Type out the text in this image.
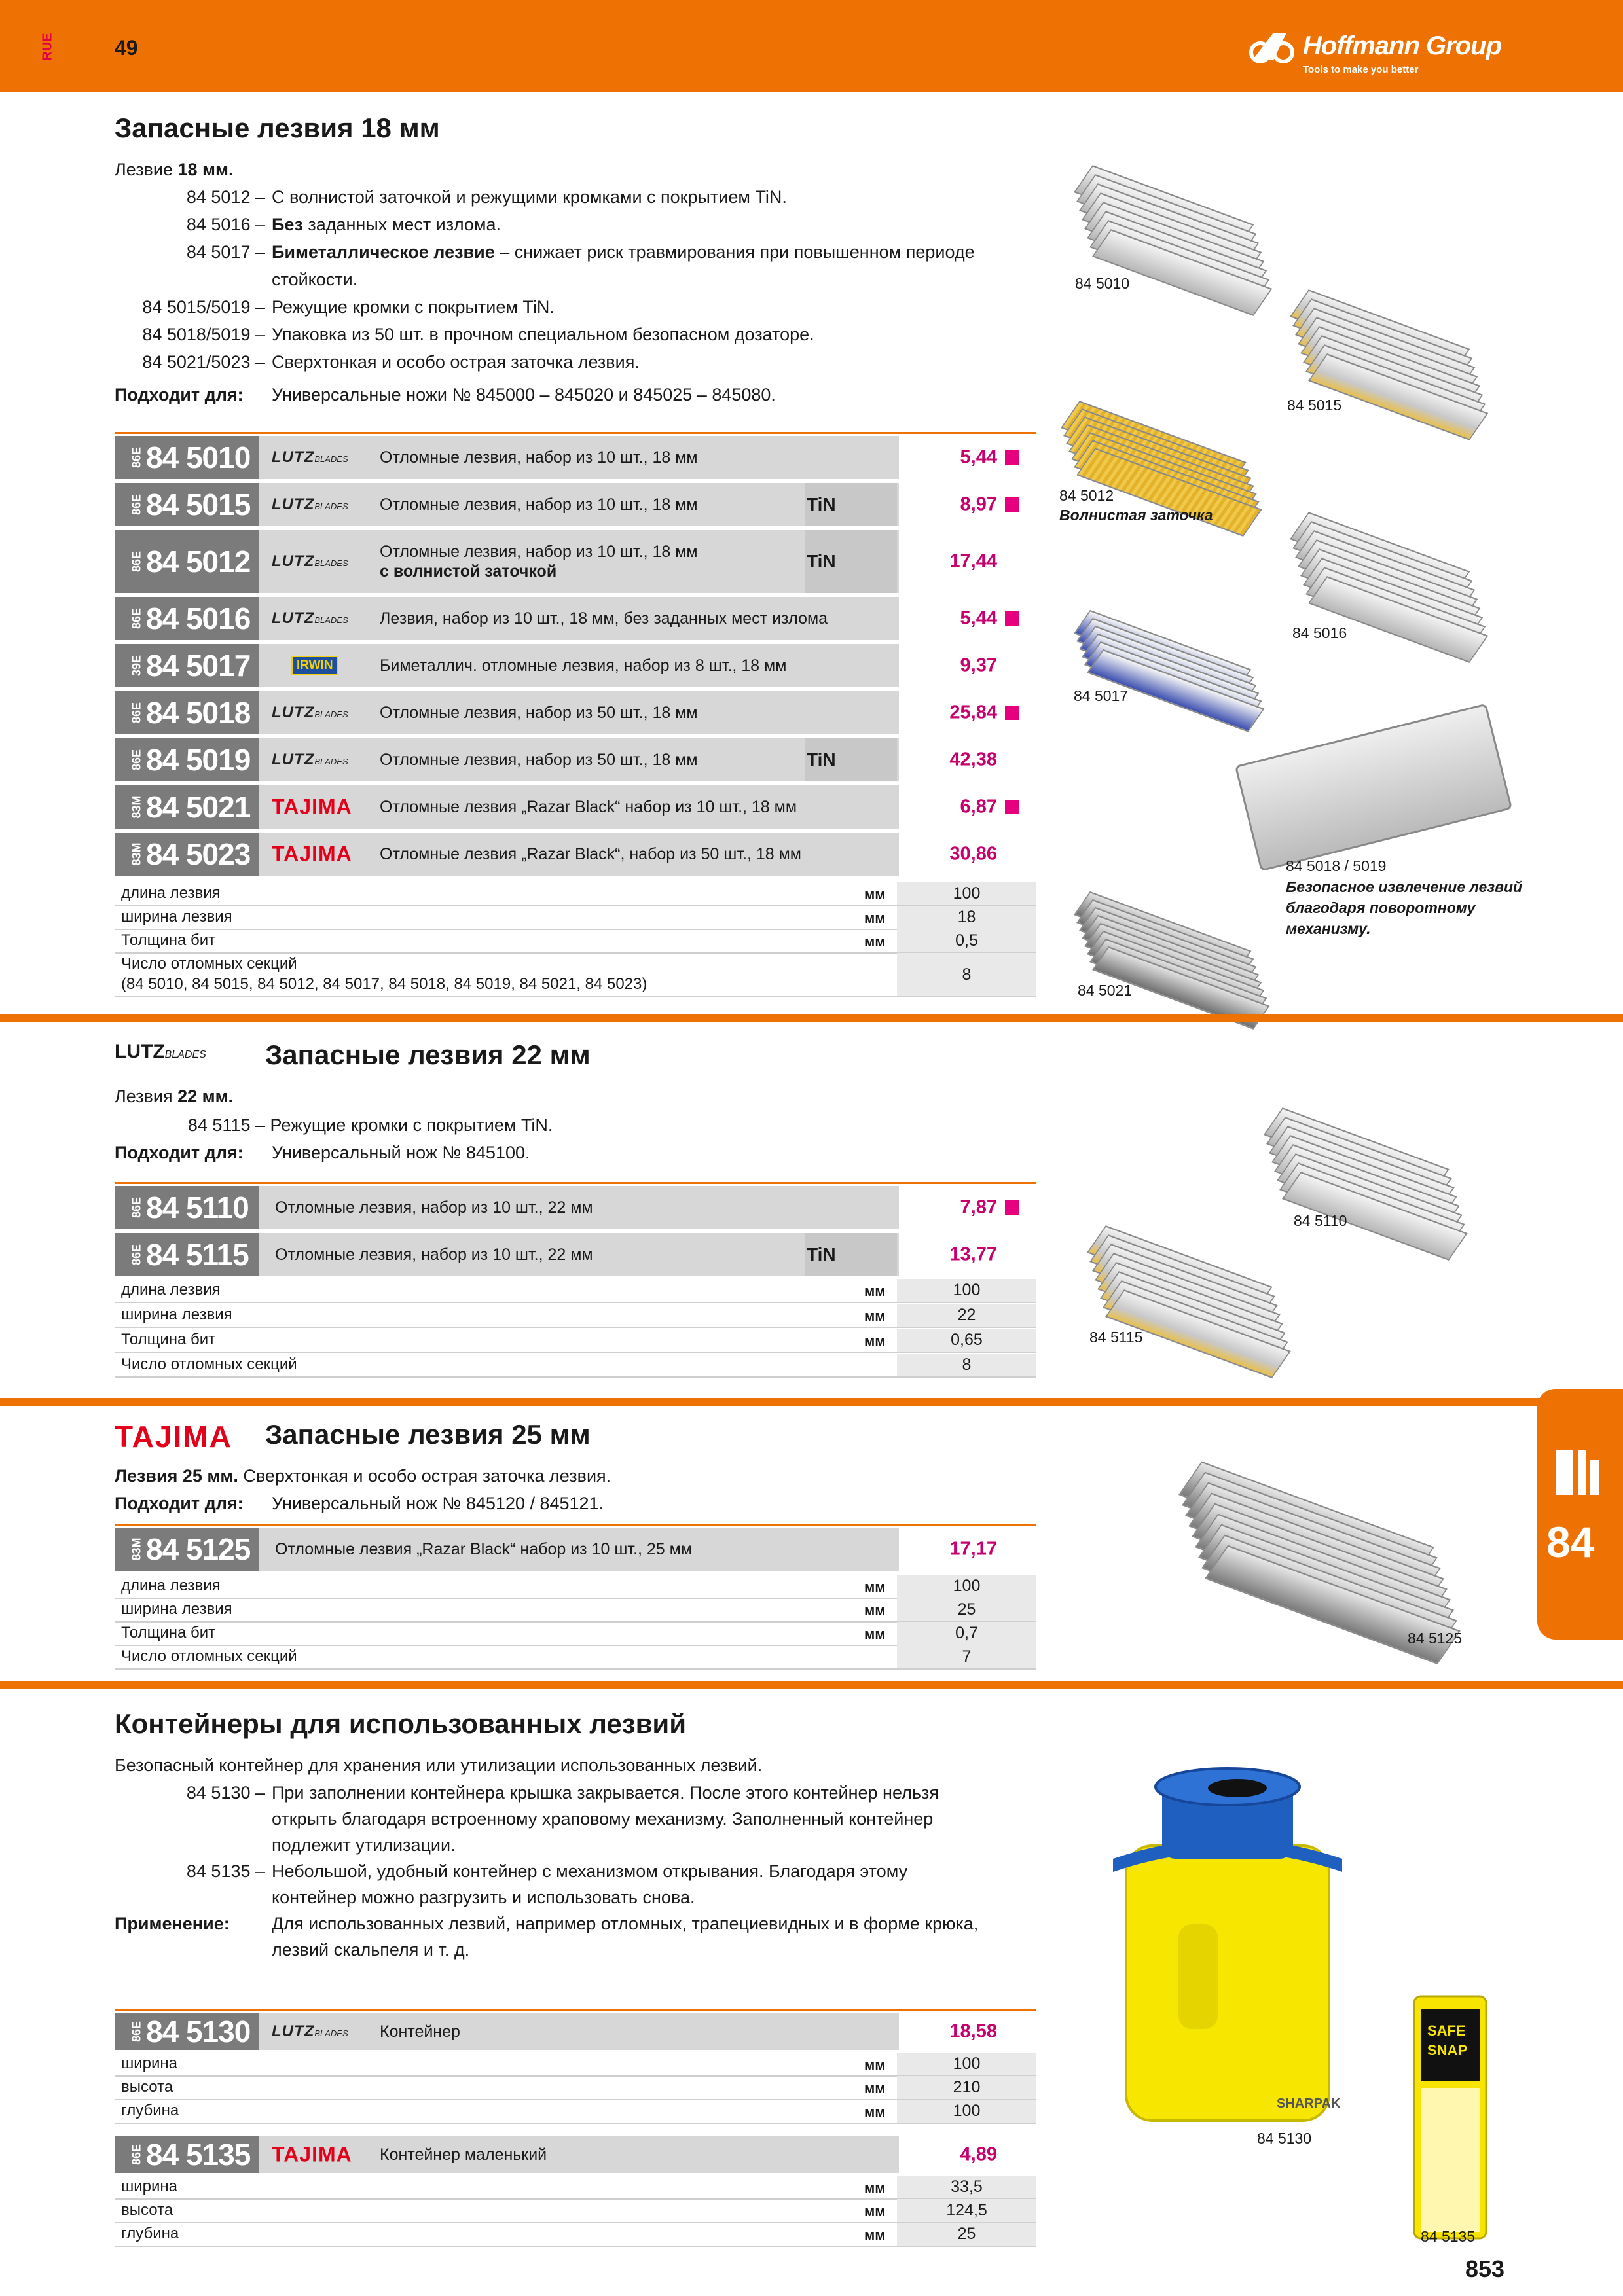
RUE	49	Hoffmann Group
Tools to make you better
Запасные лезвия 18 мм
Лезвие 18 мм.
84 5012 – С волнистой заточкой и режущими кромками с покрытием TiN.
84 5016 – Без заданных мест излома.
84 5017 – Биметаллическое лезвие – снижает риск травмирования при повышенном периоде
стойкости.
84 5015/5019 – Режущие кромки с покрытием TiN.
84 5018/5019 – Упаковка из 50 шт. в прочном специальном безопасном дозаторе.
84 5021/5023 – Сверхтонкая и особо острая заточка лезвия.
Подходит для: Универсальные ножи № 845000 – 845020 и 845025 – 845080.
86E 84 5010 LUTZBLADES Отломные лезвия, набор из 10 шт., 18 мм	5,44
86E 84 5015 LUTZBLADES Отломные лезвия, набор из 10 шт., 18 мм	TiN	8,97
86E 84 5012 LUTZBLADES
Отломные лезвия, набор из 10 шт., 18 мм
с волнистой заточкой	TiN	17,44
86E 84 5016 LUTZBLADES Лезвия, набор из 10 шт., 18 мм, без заданных мест излома	5,44
39E 84 5017	IRWIN	Биметаллич. отломные лезвия, набор из 8 шт., 18 мм	9,37
86E 84 5018 LUTZBLADES Отломные лезвия, набор из 50 шт., 18 мм	25,84
86E 84 5019 LUTZBLADES Отломные лезвия, набор из 50 шт., 18 мм	TiN	42,38
83M 84 5021 TAJIMA Отломные лезвия „Razar Black“ набор из 10 шт., 18 мм	6,87
83M 84 5023 TAJIMA Отломные лезвия „Razar Black“, набор из 50 шт., 18 мм	30,86
длина лезвия	мм	100
ширина лезвия	мм	18
Толщина бит	мм	0,5
Число отломных секций
(84 5010, 84 5015, 84 5012, 84 5017, 84 5018, 84 5019, 84 5021, 84 5023)
8
84 5010
84 5015
84 5012
Волнистая заточка
84 5016
84 5017
84 5018 / 5019
Безопасное извлечение лезвий
благодаря поворотному
механизму.
84 5021
LUTZBLADES Запасные лезвия 22 мм
Лезвия 22 мм.
84 5115 – Режущие кромки с покрытием TiN.
Подходит для: Универсальный нож № 845100.
86E 84 5110 Отломные лезвия, набор из 10 шт., 22 мм	7,87
86E 84 5115 Отломные лезвия, набор из 10 шт., 22 мм	TiN	13,77
длина лезвия	мм	100
ширина лезвия	мм	22
Толщина бит	мм	0,65
Число отломных секций	8
84 5110
84 5115
TAJIMA Запасные лезвия 25 мм
Лезвия 25 мм. Сверхтонкая и особо острая заточка лезвия.
Подходит для: Универсальный нож № 845120 / 845121.
83M 84 5125 Отломные лезвия „Razar Black“ набор из 10 шт., 25 мм	17,17
длина лезвия	мм	100
ширина лезвия	мм	25
Толщина бит	мм	0,7
Число отломных секций	7
84 5125
Контейнеры для использованных лезвий
Безопасный контейнер для хранения или утилизации использованных лезвий.
84 5130 – При заполнении контейнера крышка закрывается. После этого контейнер нельзя
открыть благодаря встроенному храповому механизму. Заполненный контейнер
подлежит утилизации.
84 5135 – Небольшой, удобный контейнер с механизмом открывания. Благодаря этому
контейнер можно разгрузить и использовать снова.
Применение: Для использованных лезвий, например отломных, трапециевидных и в форме крюка,
лезвий скальпеля и т. д.
86E 84 5130 LUTZBLADES Контейнер	18,58
ширина	мм	100
высота	мм	210
глубина	мм	100
86E 84 5135 TAJIMA Контейнер маленький	4,89
ширина	мм	33,5
высота	мм	124,5
глубина	мм	25
SHARPAK
84 5130
SAFE
SNAP
84 5135
84
853
